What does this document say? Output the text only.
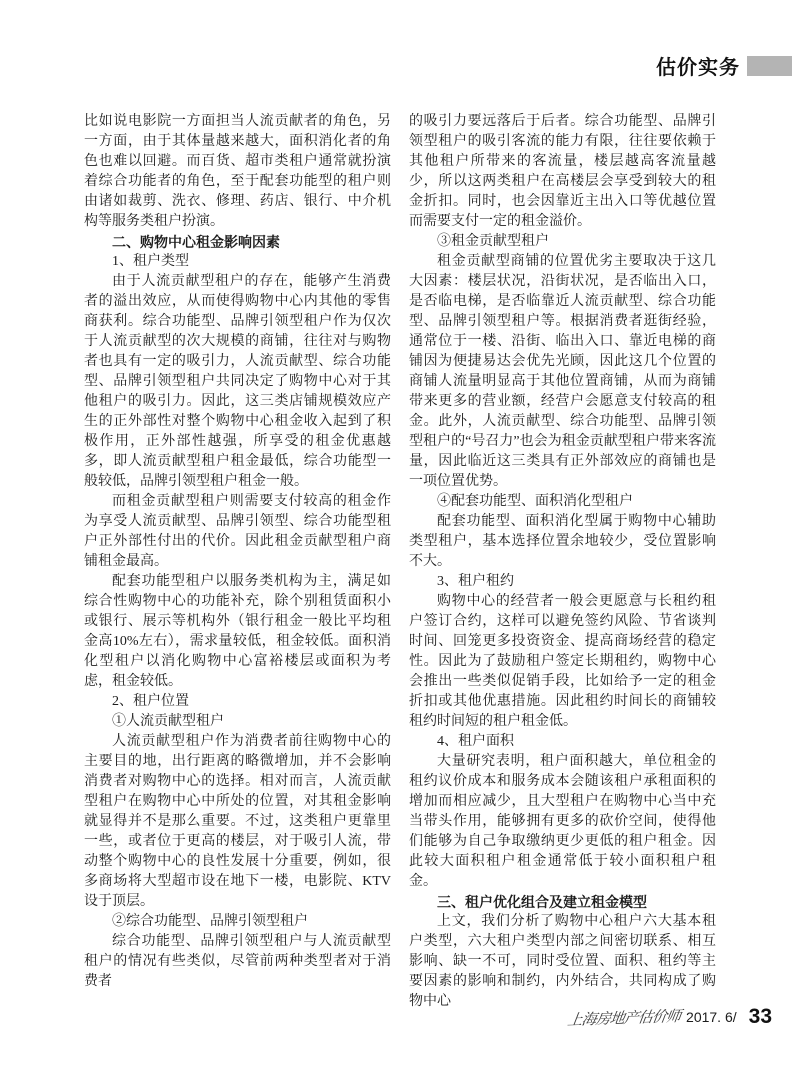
估价实务

比如说电影院一方面担当人流贡献者的角色，另一方面，由于其体量越来越大，面积消化者的角色也难以回避。而百货、超市类租户通常就扮演着综合功能者的角色，至于配套功能型的租户则由诸如裁剪、洗衣、修理、药店、银行、中介机构等服务类租户扮演。

二、购物中心租金影响因素

1、租户类型

由于人流贡献型租户的存在，能够产生消费者的溢出效应，从而使得购物中心内其他的零售商获利。综合功能型、品牌引领型租户作为仅次于人流贡献型的次大规模的商铺，往往对与购物者也具有一定的吸引力，人流贡献型、综合功能型、品牌引领型租户共同决定了购物中心对于其他租户的吸引力。因此，这三类店铺规模效应产生的正外部性对整个购物中心租金收入起到了积极作用，正外部性越强，所享受的租金优惠越多，即人流贡献型租户租金最低，综合功能型一般较低，品牌引领型租户租金一般。

而租金贡献型租户则需要支付较高的租金作为享受人流贡献型、品牌引领型、综合功能型租户正外部性付出的代价。因此租金贡献型租户商铺租金最高。

配套功能型租户以服务类机构为主，满足如综合性购物中心的功能补充，除个别租赁面积小或银行、展示等机构外（银行租金一般比平均租金高10%左右），需求量较低，租金较低。面积消化型租户以消化购物中心富裕楼层或面积为考虑，租金较低。

2、租户位置

①人流贡献型租户

人流贡献型租户作为消费者前往购物中心的主要目的地，出行距离的略微增加，并不会影响消费者对购物中心的选择。相对而言，人流贡献型租户在购物中心中所处的位置，对其租金影响就显得并不是那么重要。不过，这类租户更靠里一些，或者位于更高的楼层，对于吸引人流，带动整个购物中心的良性发展十分重要，例如，很多商场将大型超市设在地下一楼，电影院、KTV设于顶层。

②综合功能型、品牌引领型租户

综合功能型、品牌引领型租户与人流贡献型租户的情况有些类似，尽管前两种类型者对于消费者

的吸引力要远落后于后者。综合功能型、品牌引领型租户的吸引客流的能力有限，往往要依赖于其他租户所带来的客流量，楼层越高客流量越少，所以这两类租户在高楼层会享受到较大的租金折扣。同时，也会因靠近主出入口等优越位置而需要支付一定的租金溢价。

③租金贡献型租户

租金贡献型商铺的位置优劣主要取决于这几大因素：楼层状况，沿街状况，是否临出入口，是否临电梯，是否临靠近人流贡献型、综合功能型、品牌引领型租户等。根据消费者逛街经验，通常位于一楼、沿街、临出入口、靠近电梯的商铺因为便捷易达会优先光顾，因此这几个位置的商铺人流量明显高于其他位置商铺，从而为商铺带来更多的营业额，经营户会愿意支付较高的租金。此外，人流贡献型、综合功能型、品牌引领型租户的“号召力”也会为租金贡献型租户带来客流量，因此临近这三类具有正外部效应的商铺也是一项位置优势。

④配套功能型、面积消化型租户

配套功能型、面积消化型属于购物中心辅助类型租户，基本选择位置余地较少，受位置影响不大。

3、租户租约

购物中心的经营者一般会更愿意与长租约租户签订合约，这样可以避免签约风险、节省谈判时间、回笼更多投资资金、提高商场经营的稳定性。因此为了鼓励租户签定长期租约，购物中心会推出一些类似促销手段，比如给予一定的租金折扣或其他优惠措施。因此租约时间长的商铺较租约时间短的租户租金低。

4、租户面积

大量研究表明，租户面积越大，单位租金的租约议价成本和服务成本会随该租户承租面积的增加而相应减少，且大型租户在购物中心当中充当带头作用，能够拥有更多的砍价空间，使得他们能够为自己争取缴纳更少更低的租户租金。因此较大面积租户租金通常低于较小面积租户租金。

三、租户优化组合及建立租金模型

上文，我们分析了购物中心租户六大基本租户类型，六大租户类型内部之间密切联系、相互影响、缺一不可，同时受位置、面积、租约等主要因素的影响和制约，内外结合，共同构成了购物中心

上海房地产估价师 2017. 6/ 33
